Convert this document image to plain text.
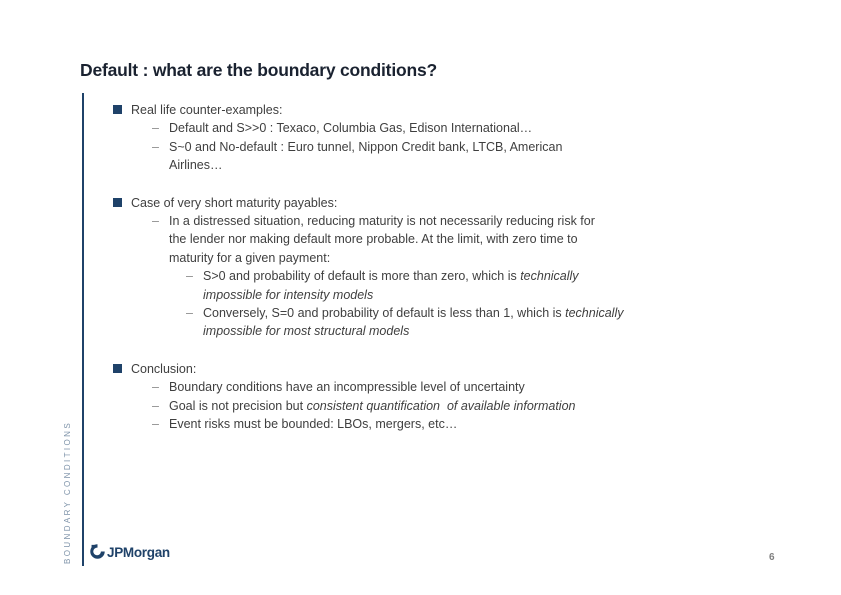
Default : what are the boundary conditions?
Real life counter-examples:
– Default and S>>0 : Texaco, Columbia Gas, Edison International…
– S~0 and No-default : Euro tunnel, Nippon Credit bank, LTCB, American
Airlines…
Case of very short maturity payables:
– In a distressed situation, reducing maturity is not necessarily reducing risk for
the lender nor making default more probable. At the limit, with zero time to
maturity for a given payment:
– S>0 and probability of default is more than zero, which is technically
impossible for intensity models
– Conversely, S=0 and probability of default is less than 1, which is technically
impossible for most structural models
Conclusion:
– Boundary conditions have an incompressible level of uncertainty
– Goal is not precision but consistent quantification  of available information
– Event risks must be bounded: LBOs, mergers, etc…
BOUNDARY CONDITIONS	JPMorgan	6
